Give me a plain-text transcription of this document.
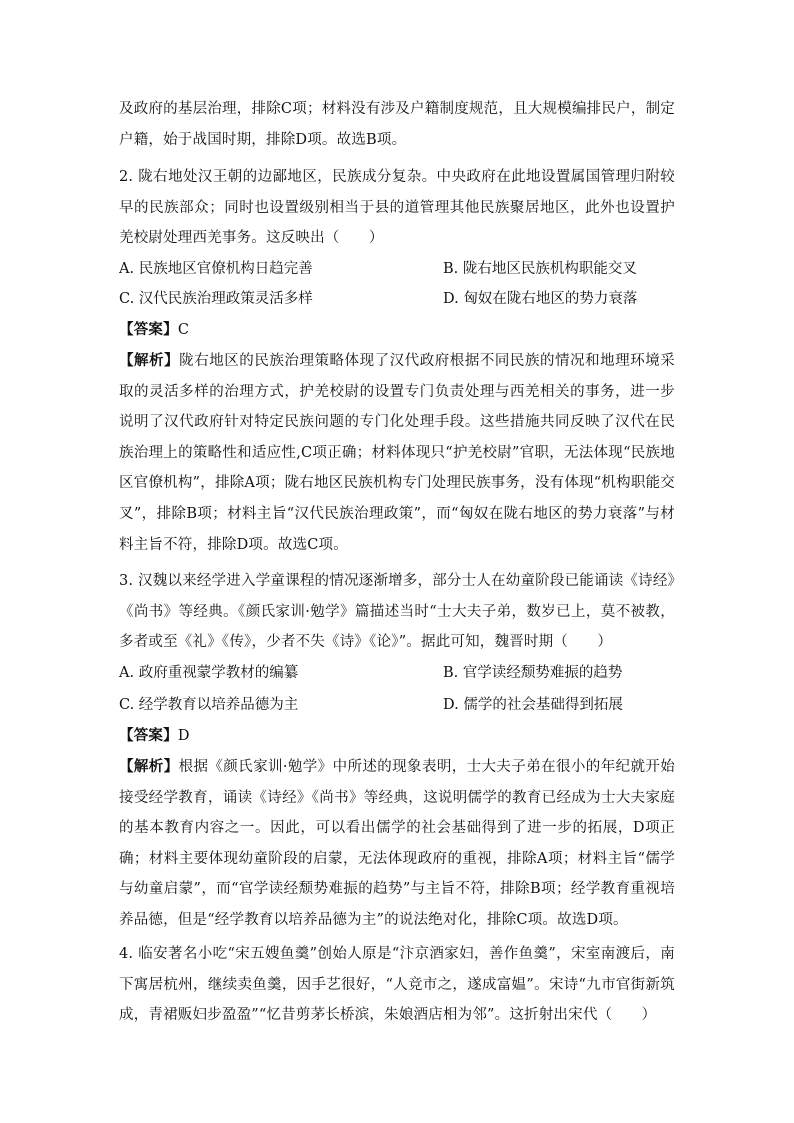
及政府的基层治理，排除C项；材料没有涉及户籍制度规范，且大规模编排民户，制定户籍，始于战国时期，排除D项。故选B项。

2. 陇右地处汉王朝的边鄙地区，民族成分复杂。中央政府在此地设置属国管理归附较早的民族部众；同时也设置级别相当于县的道管理其他民族聚居地区，此外也设置护羌校尉处理西羌事务。这反映出（　　）

A. 民族地区官僚机构日趋完善	B. 陇右地区民族机构职能交叉

C. 汉代民族治理政策灵活多样	D. 匈奴在陇右地区的势力衰落

【答案】C

【解析】陇右地区的民族治理策略体现了汉代政府根据不同民族的情况和地理环境采取的灵活多样的治理方式，护羌校尉的设置专门负责处理与西羌相关的事务，进一步说明了汉代政府针对特定民族问题的专门化处理手段。这些措施共同反映了汉代在民族治理上的策略性和适应性,C项正确；材料体现只“护羌校尉”官职，无法体现“民族地区官僚机构”，排除A项；陇右地区民族机构专门处理民族事务，没有体现“机构职能交叉”，排除B项；材料主旨“汉代民族治理政策”，而“匈奴在陇右地区的势力衰落”与材料主旨不符，排除D项。故选C项。

3. 汉魏以来经学进入学童课程的情况逐渐增多，部分士人在幼童阶段已能诵读《诗经》《尚书》等经典。《颜氏家训·勉学》篇描述当时“士大夫子弟，数岁已上，莫不被教，多者或至《礼》《传》，少者不失《诗》《论》”。据此可知，魏晋时期（　　）

A. 政府重视蒙学教材的编纂	B. 官学读经颓势难振的趋势

C. 经学教育以培养品德为主	D. 儒学的社会基础得到拓展

【答案】D

【解析】根据《颜氏家训·勉学》中所述的现象表明，士大夫子弟在很小的年纪就开始接受经学教育，诵读《诗经》《尚书》等经典，这说明儒学的教育已经成为士大夫家庭的基本教育内容之一。因此，可以看出儒学的社会基础得到了进一步的拓展，D项正确；材料主要体现幼童阶段的启蒙，无法体现政府的重视，排除A项；材料主旨“儒学与幼童启蒙”，而“官学读经颓势难振的趋势”与主旨不符，排除B项；经学教育重视培养品德，但是“经学教育以培养品德为主”的说法绝对化，排除C项。故选D项。

4. 临安著名小吃“宋五嫂鱼羹”创始人原是“汴京酒家妇，善作鱼羹”，宋室南渡后，南下寓居杭州，继续卖鱼羹，因手艺很好，“人竞市之，遂成富媪”。宋诗“九市官街新筑成，青裙贩妇步盈盈”“忆昔剪茅长桥滨，朱娘酒店相为邻”。这折射出宋代（　　）
